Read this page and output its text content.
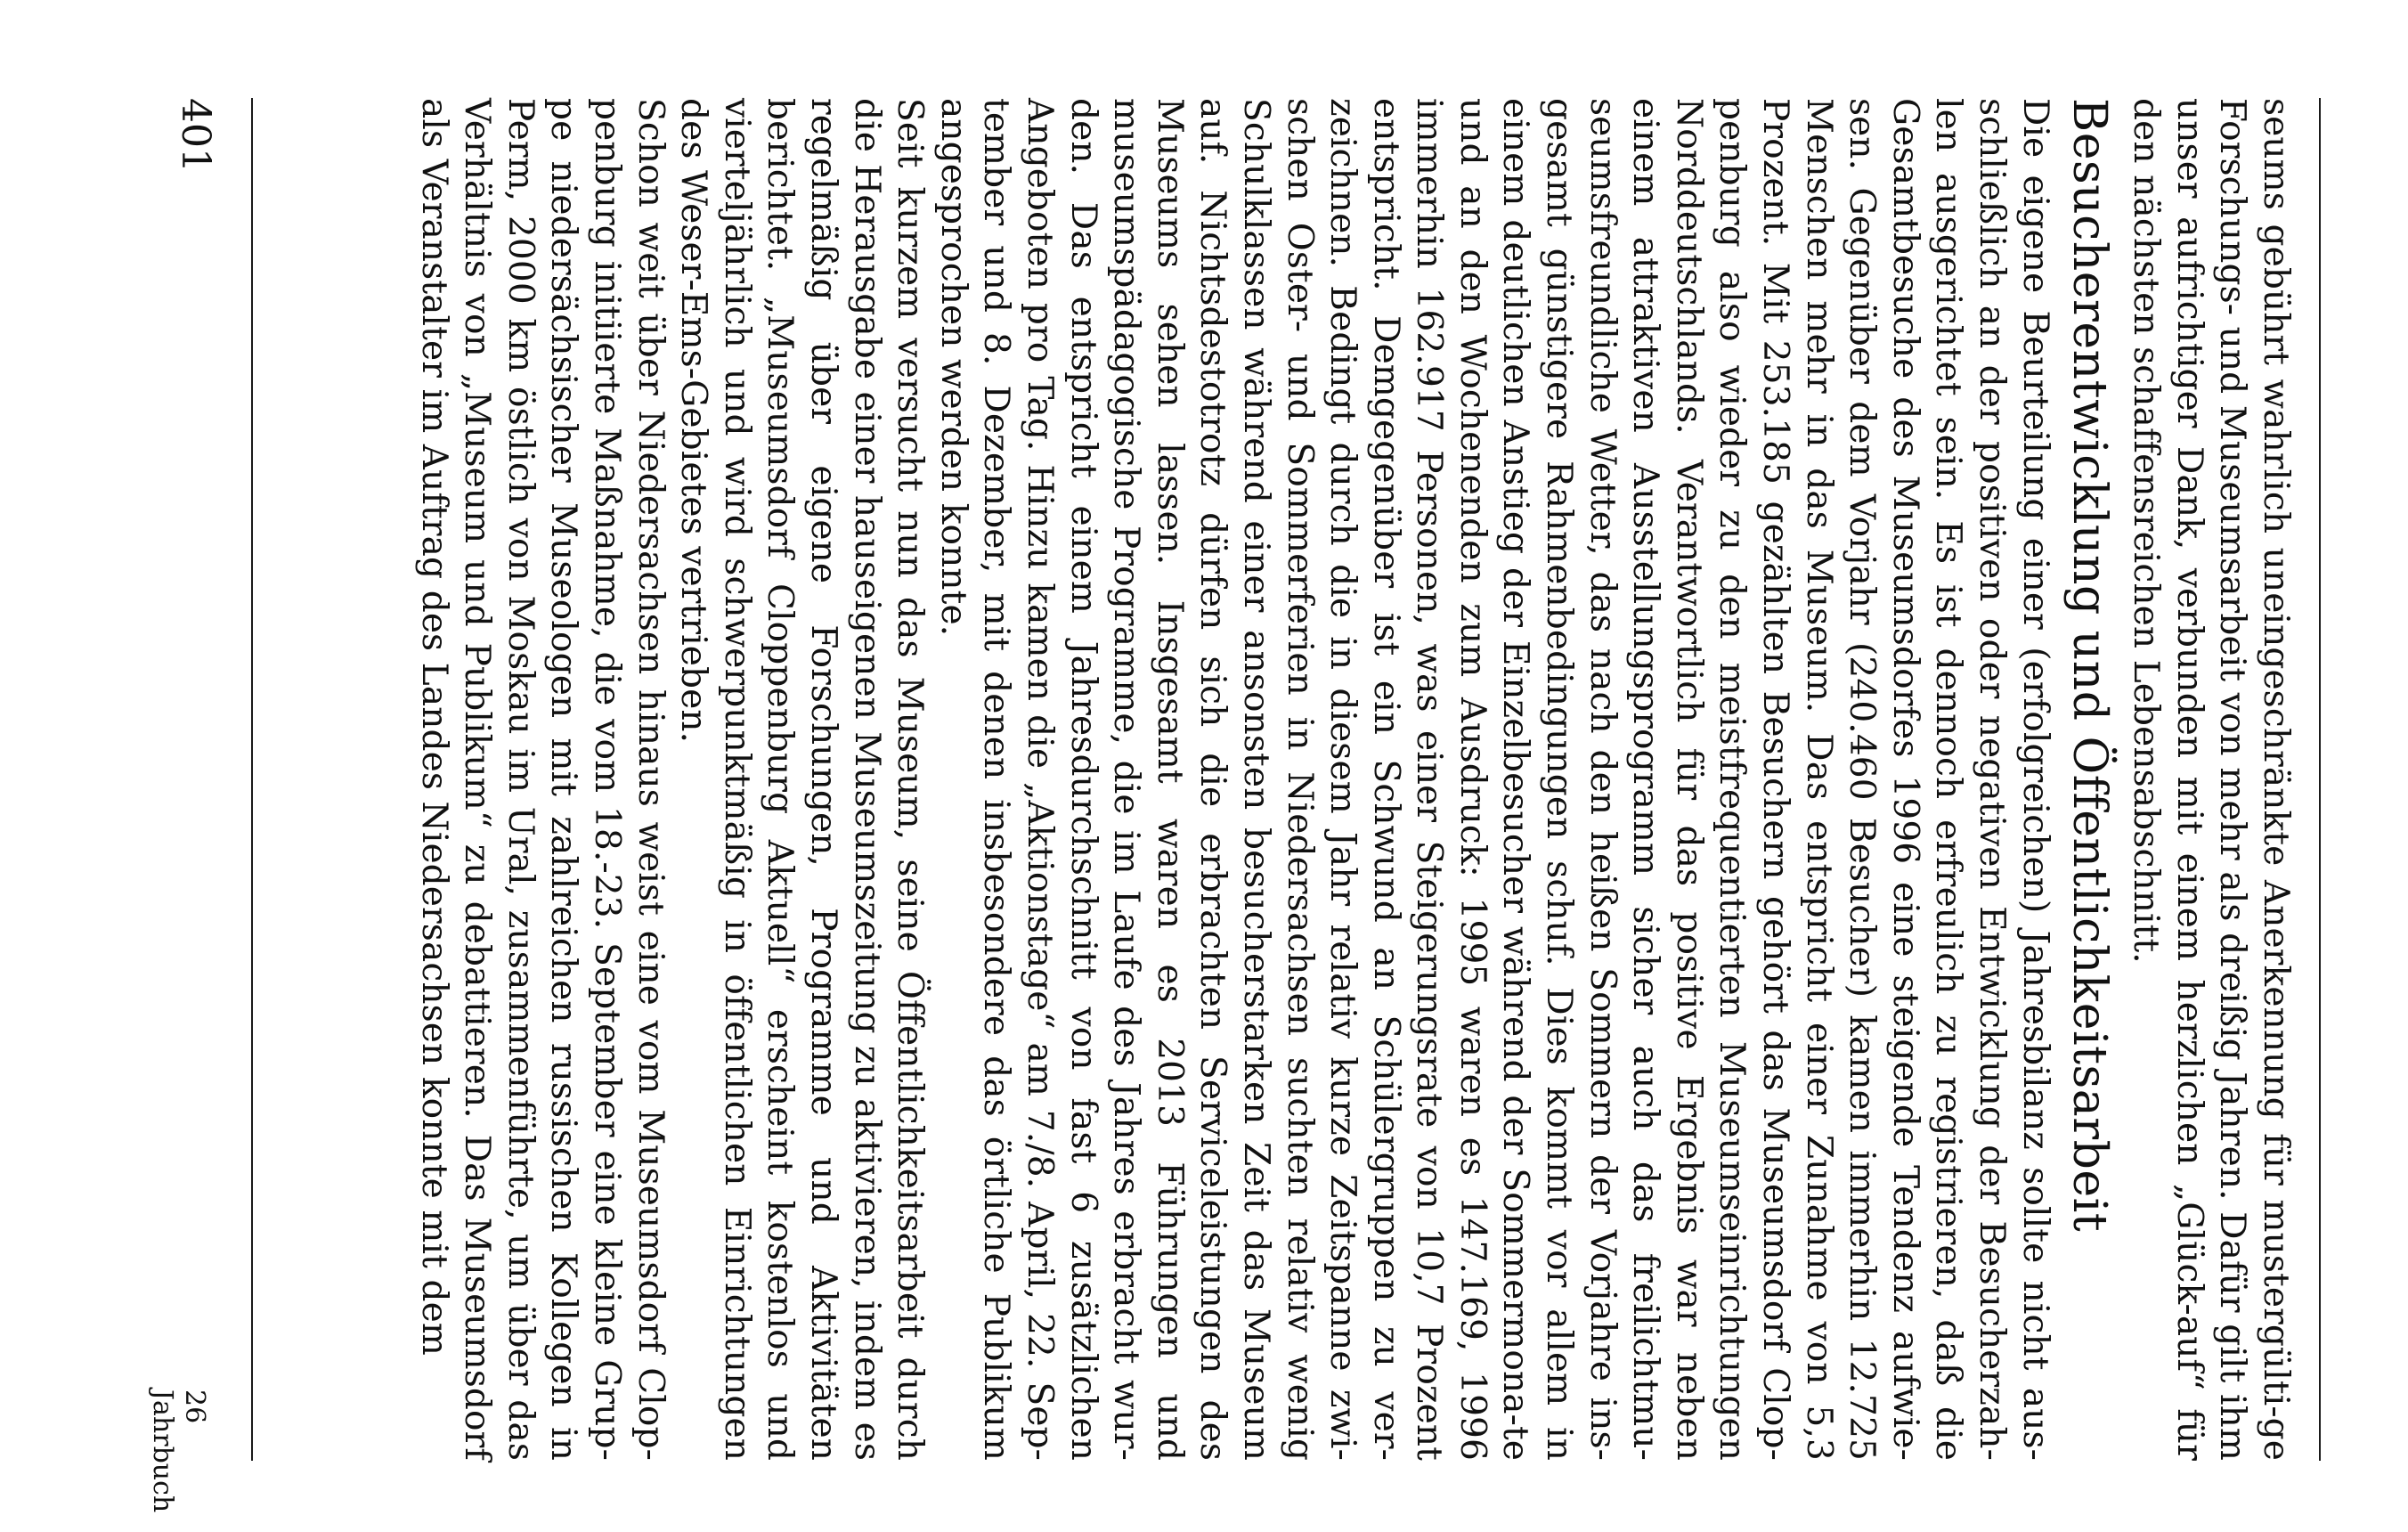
seums gebührt wahrlich uneingeschränkte Anerkennung für mustergülti-ge Forschungs- und Museumsarbeit von mehr als dreißig Jahren. Dafür gilt ihm unser aufrichtiger Dank, verbunden mit einem herzlichen „Glück-auf“ für den nächsten schaffensreichen Lebensabschnitt.

Besucherentwicklung und Öffentlichkeitsarbeit

Die eigene Beurteilung einer (erfolgreichen) Jahresbilanz sollte nicht aus-schließlich an der positiven oder negativen Entwicklung der Besucherzah-len ausgerichtet sein. Es ist dennoch erfreulich zu registrieren, daß die Gesamtbesuche des Museumsdorfes 1996 eine steigende Tendenz aufwie-sen. Gegenüber dem Vorjahr (240.460 Besucher) kamen immerhin 12.725 Menschen mehr in das Museum. Das entspricht einer Zunahme von 5,3 Prozent. Mit 253.185 gezählten Besuchern gehört das Museumsdorf Clop-penburg also wieder zu den meistfrequentierten Museumseinrichtungen Norddeutschlands. Verantwortlich für das positive Ergebnis war neben einem attraktiven Ausstellungsprogramm sicher auch das freilichtmu-seumsfreundliche Wetter, das nach den heißen Sommern der Vorjahre ins-gesamt günstigere Rahmenbedingungen schuf. Dies kommt vor allem in einem deutlichen Anstieg der Einzelbesucher während der Sommermona-te und an den Wochenenden zum Ausdruck: 1995 waren es 147.169, 1996 immerhin 162.917 Personen, was einer Steigerungsrate von 10,7 Prozent entspricht. Demgegenüber ist ein Schwund an Schülergruppen zu ver-zeichnen. Bedingt durch die in diesem Jahr relativ kurze Zeitspanne zwi-schen Oster- und Sommerferien in Niedersachsen suchten relativ wenig Schulklassen während einer ansonsten besucherstarken Zeit das Museum auf. Nichtsdestotrotz dürfen sich die erbrachten Serviceleistungen des Museums sehen lassen. Insgesamt waren es 2013 Führungen und museumspädagogische Programme, die im Laufe des Jahres erbracht wur-den. Das entspricht einem Jahresdurchschnitt von fast 6 zusätzlichen Angeboten pro Tag. Hinzu kamen die „Aktionstage“ am 7./8. April, 22. Sep-tember und 8. Dezember, mit denen insbesondere das örtliche Publikum angesprochen werden konnte.

Seit kurzem versucht nun das Museum, seine Öffentlichkeitsarbeit durch die Herausgabe einer hauseigenen Museumszeitung zu aktivieren, indem es regelmäßig über eigene Forschungen, Programme und Aktivitäten berichtet. „Museumsdorf Cloppenburg Aktuell“ erscheint kostenlos und vierteljährlich und wird schwerpunktmäßig in öffentlichen Einrichtungen des Weser-Ems-Gebietes vertrieben.

Schon weit über Niedersachsen hinaus weist eine vom Museumsdorf Clop-penburg initiierte Maßnahme, die vom 18.-23. September eine kleine Grup-pe niedersächsischer Museologen mit zahlreichen russischen Kollegen in Perm, 2000 km östlich von Moskau im Ural, zusammenführte, um über das Verhältnis von „Museum und Publikum“ zu debattieren. Das Museumsdorf als Veranstalter im Auftrag des Landes Niedersachsen konnte mit dem

401
26 Jahrbuch
